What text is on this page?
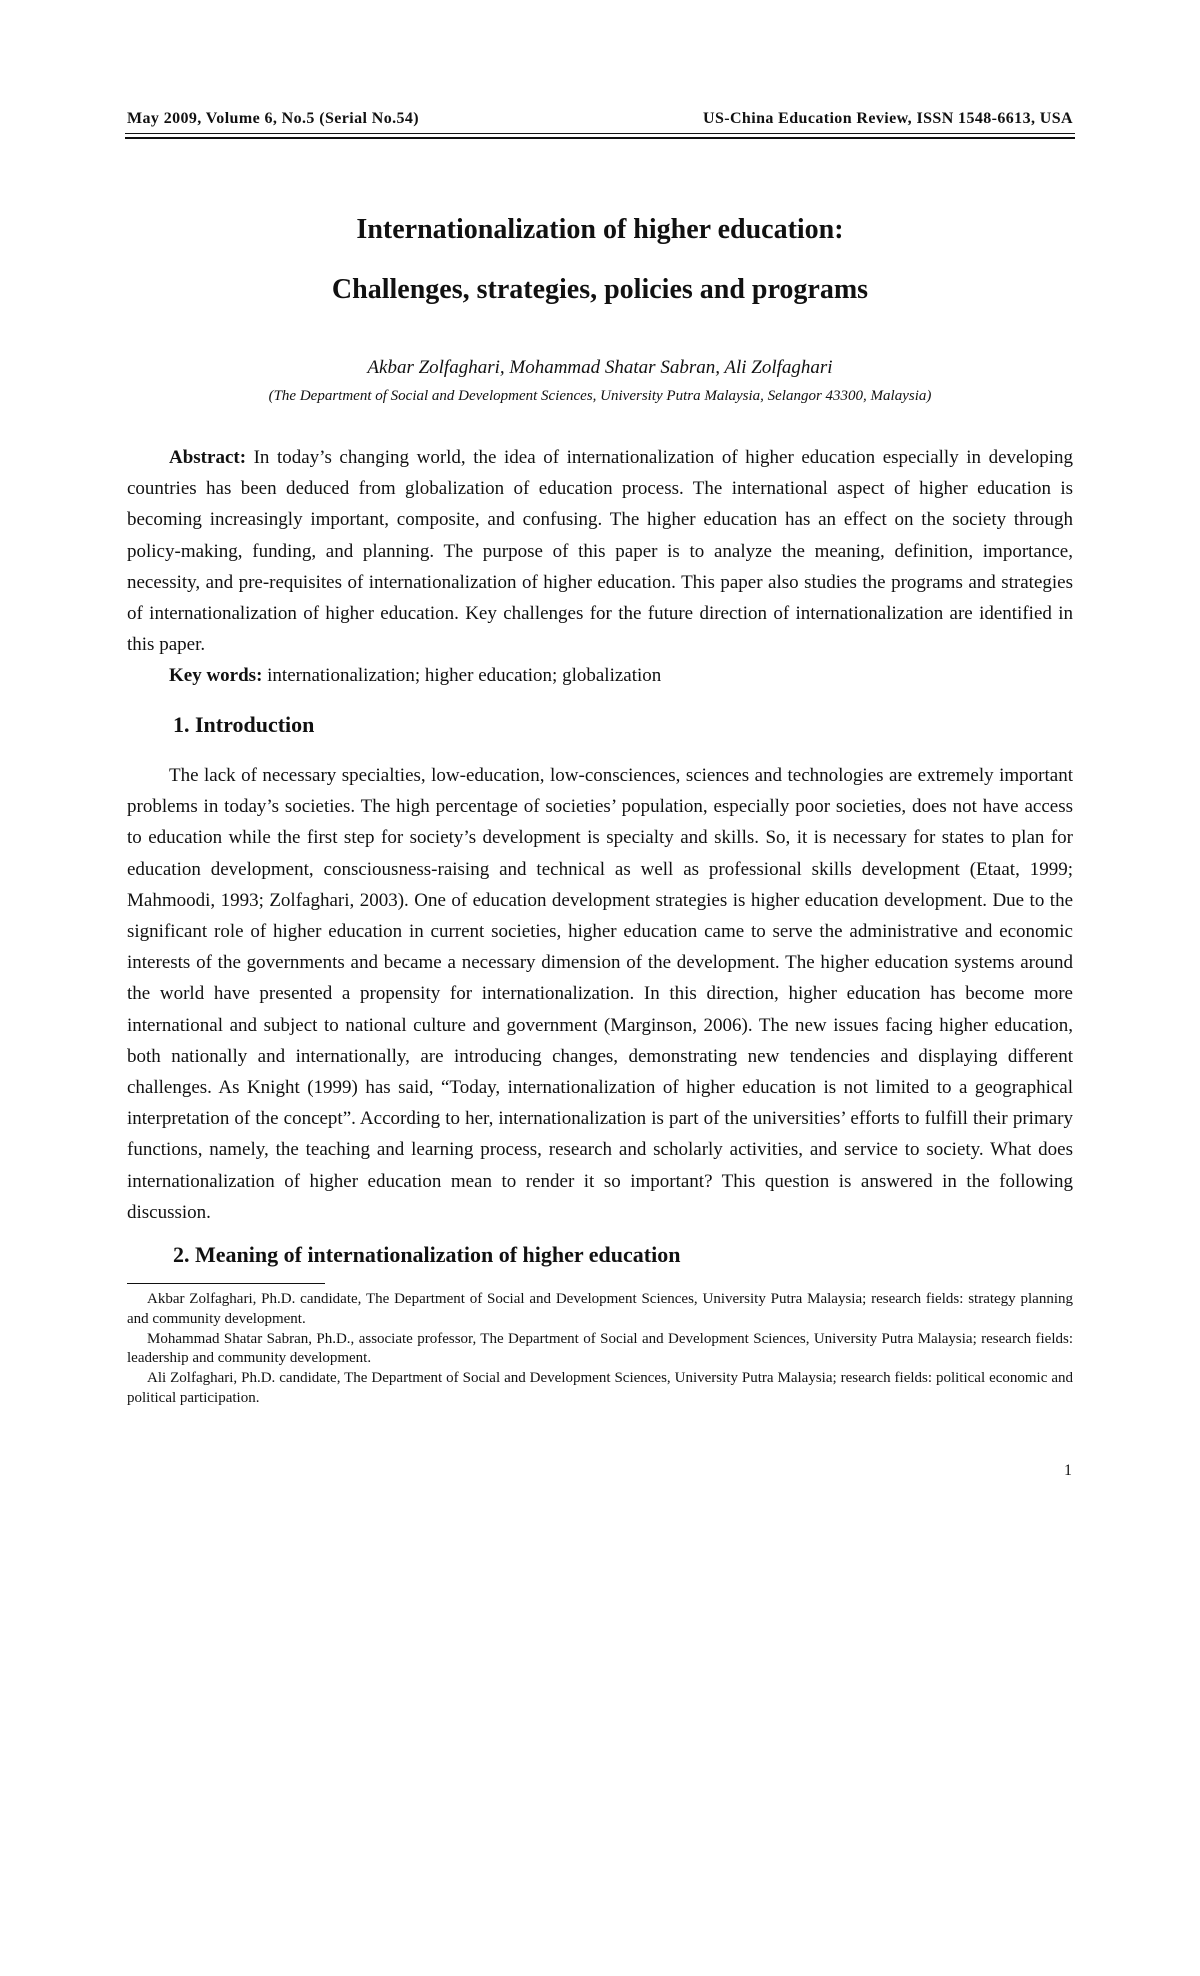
May 2009, Volume 6, No.5 (Serial No.54)	US-China Education Review, ISSN 1548-6613, USA
Internationalization of higher education:
Challenges, strategies, policies and programs
Akbar Zolfaghari, Mohammad Shatar Sabran, Ali Zolfaghari
(The Department of Social and Development Sciences, University Putra Malaysia, Selangor 43300, Malaysia)

Abstract: In today’s changing world, the idea of internationalization of higher education especially in developing countries has been deduced from globalization of education process. The international aspect of higher education is becoming increasingly important, composite, and confusing. The higher education has an effect on the society through policy-making, funding, and planning. The purpose of this paper is to analyze the meaning, definition, importance, necessity, and pre-requisites of internationalization of higher education. This paper also studies the programs and strategies of internationalization of higher education. Key challenges for the future direction of internationalization are identified in this paper.

Key words: internationalization; higher education; globalization

1. Introduction

The lack of necessary specialties, low-education, low-consciences, sciences and technologies are extremely important problems in today’s societies. The high percentage of societies’ population, especially poor societies, does not have access to education while the first step for society’s development is specialty and skills. So, it is necessary for states to plan for education development, consciousness-raising and technical as well as professional skills development (Etaat, 1999; Mahmoodi, 1993; Zolfaghari, 2003). One of education development strategies is higher education development. Due to the significant role of higher education in current societies, higher education came to serve the administrative and economic interests of the governments and became a necessary dimension of the development. The higher education systems around the world have presented a propensity for internationalization. In this direction, higher education has become more international and subject to national culture and government (Marginson, 2006). The new issues facing higher education, both nationally and internationally, are introducing changes, demonstrating new tendencies and displaying different challenges. As Knight (1999) has said, “Today, internationalization of higher education is not limited to a geographical interpretation of the concept”. According to her, internationalization is part of the universities’ efforts to fulfill their primary functions, namely, the teaching and learning process, research and scholarly activities, and service to society. What does internationalization of higher education mean to render it so important? This question is answered in the following discussion.

2. Meaning of internationalization of higher education

Akbar Zolfaghari, Ph.D. candidate, The Department of Social and Development Sciences, University Putra Malaysia; research fields: strategy planning and community development.

Mohammad Shatar Sabran, Ph.D., associate professor, The Department of Social and Development Sciences, University Putra Malaysia; research fields: leadership and community development.

Ali Zolfaghari, Ph.D. candidate, The Department of Social and Development Sciences, University Putra Malaysia; research fields: political economic and political participation.

1
